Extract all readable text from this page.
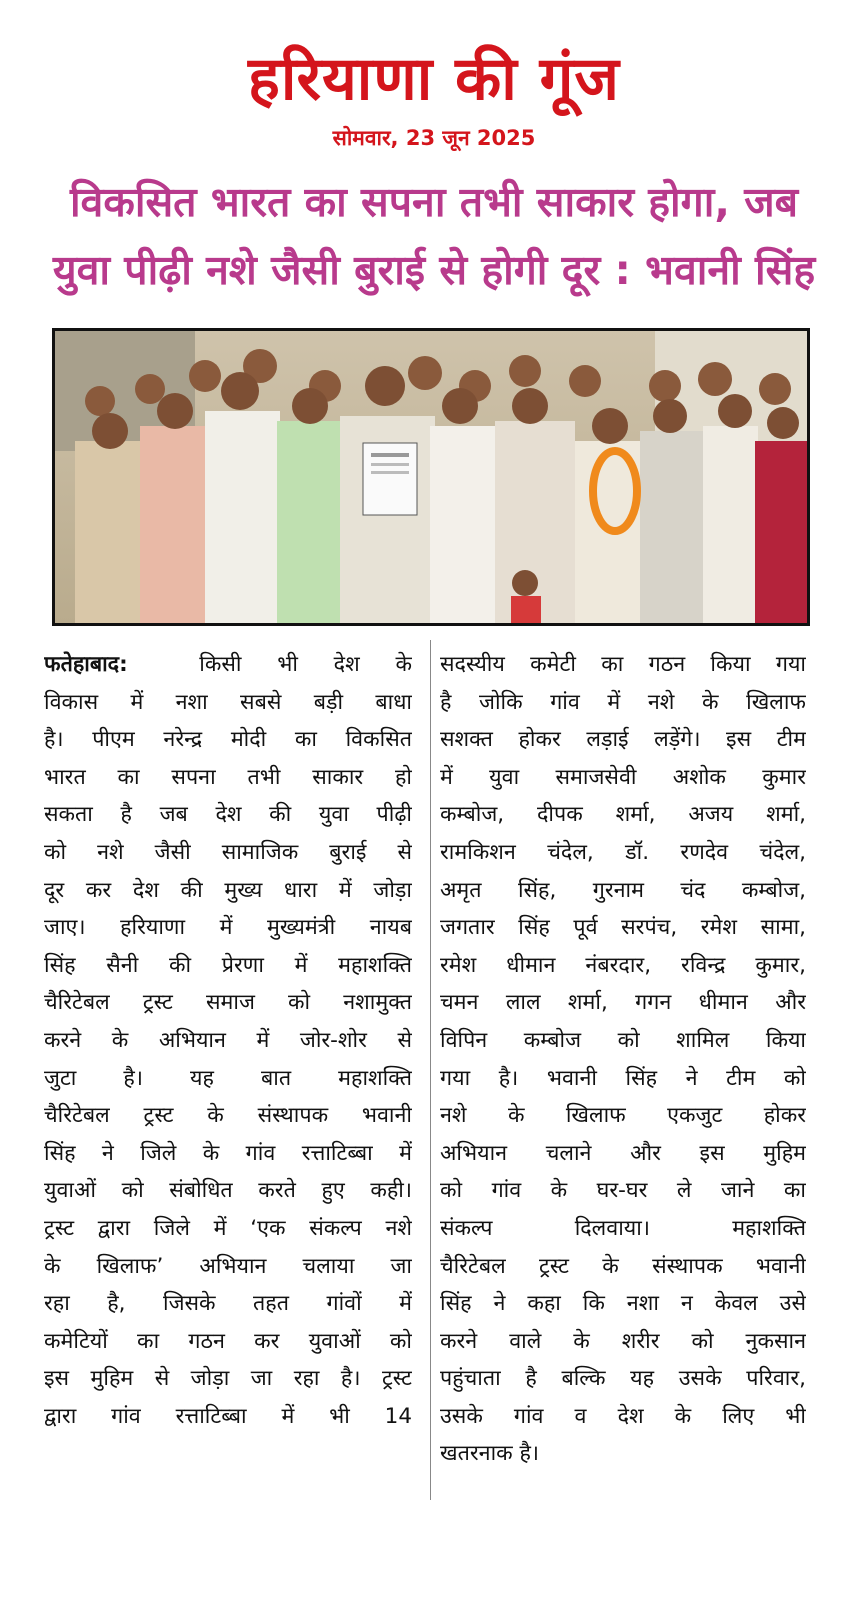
हरियाणा की गूंज
सोमवार, 23 जून 2025
विकसित भारत का सपना तभी साकार होगा, जब
युवा पीढ़ी नशे जैसी बुराई से होगी दूर : भवानी सिंह
फतेहाबाद:	किसी भी देश के
विकास में नशा सबसे बड़ी बाधा
है। पीएम नरेन्द्र मोदी का विकसित
भारत का सपना तभी साकार हो
सकता है जब देश की युवा पीढ़ी
को नशे जैसी सामाजिक बुराई से
दूर कर देश की मुख्य धारा में जोड़ा
जाए। हरियाणा में मुख्यमंत्री नायब
सिंह सैनी की प्रेरणा में महाशक्ति
चैरिटेबल ट्रस्ट समाज को नशामुक्त
करने के अभियान में जोर-शोर से
जुटा है। यह बात महाशक्ति
चैरिटेबल ट्रस्ट के संस्थापक भवानी
सिंह ने जिले के गांव रत्ताटिब्बा में
युवाओं को संबोधित करते हुए कही।
ट्रस्ट द्वारा जिले में ‘एक संकल्प नशे
के खिलाफ’ अभियान चलाया जा
रहा है, जिसके तहत गांवों में
कमेटियों का गठन कर युवाओं को
इस मुहिम से जोड़ा जा रहा है। ट्रस्ट
द्वारा गांव रत्ताटिब्बा में भी 14
सदस्यीय कमेटी का गठन किया गया
है जोकि गांव में नशे के खिलाफ
सशक्त होकर लड़ाई लड़ेंगे। इस टीम
में युवा समाजसेवी अशोक कुमार
कम्बोज, दीपक शर्मा, अजय शर्मा,
रामकिशन चंदेल, डॉ. रणदेव चंदेल,
अमृत सिंह, गुरनाम चंद कम्बोज,
जगतार सिंह पूर्व सरपंच, रमेश सामा,
रमेश धीमान नंबरदार, रविन्द्र कुमार,
चमन लाल शर्मा, गगन धीमान और
विपिन कम्बोज को शामिल किया
गया है। भवानी सिंह ने टीम को
नशे के खिलाफ एकजुट होकर
अभियान चलाने और इस मुहिम
को गांव के घर-घर ले जाने का
संकल्प दिलवाया। महाशक्ति
चैरिटेबल ट्रस्ट के संस्थापक भवानी
सिंह ने कहा कि नशा न केवल उसे
करने वाले के शरीर को नुकसान
पहुंचाता है बल्कि यह उसके परिवार,
उसके गांव व देश के लिए भी
खतरनाक है।
